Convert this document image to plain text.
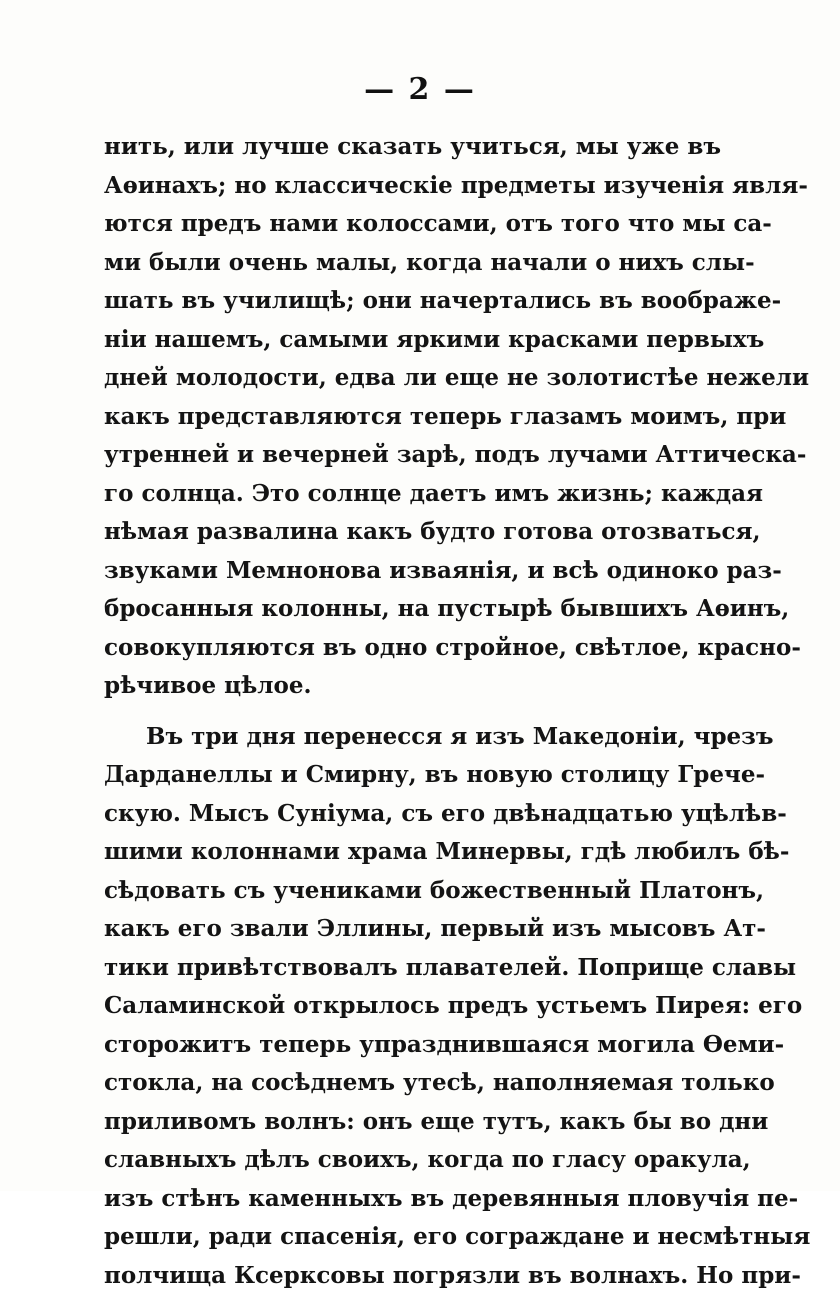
— 2 —
нить, или лучше сказать учиться, мы уже въ
Аѳинахъ; но классическіе предметы изученія явля-
ются предъ нами колоссами, отъ того что мы са-
ми были очень малы, когда начали о нихъ слы-
шать въ училищѣ; они начертались въ воображе-
ніи нашемъ, самыми яркими красками первыхъ
дней молодости, едва ли еще не золотистѣе нежели
какъ представляются теперь глазамъ моимъ, при
утренней и вечерней зарѣ, подъ лучами Аттическа-
го солнца. Это солнце даетъ имъ жизнь; каждая
нѣмая развалина какъ будто готова отозваться,
звуками Мемнонова изваянія, и всѣ одиноко раз-
бросанныя колонны, на пустырѣ бывшихъ Аѳинъ,
совокупляются въ одно стройное, свѣтлое, красно-
рѣчивое цѣлое.
Въ три дня перенесся я изъ Македоніи, чрезъ
Дарданеллы и Смирну, въ новую столицу Грече-
скую. Мысъ Суніума, съ его двѣнадцатью уцѣлѣв-
шими колоннами храма Минервы, гдѣ любилъ бѣ-
сѣдовать съ учениками божественный Платонъ,
какъ его звали Эллины, первый изъ мысовъ Ат-
тики привѣтствовалъ плавателей. Поприще славы
Саламинской открылось предъ устьемъ Пирея: его
сторожитъ теперь упразднившаяся могила Ѳеми-
стокла, на сосѣднемъ утесѣ, наполняемая только
приливомъ волнъ: онъ еще тутъ, какъ бы во дни
славныхъ дѣлъ своихъ, когда по гласу оракула,
изъ стѣнъ каменныхъ въ деревянныя пловучія пе-
решли, ради спасенія, его сограждане и несмѣтныя
полчища Ксерксовы погрязли въ волнахъ. Но при-
